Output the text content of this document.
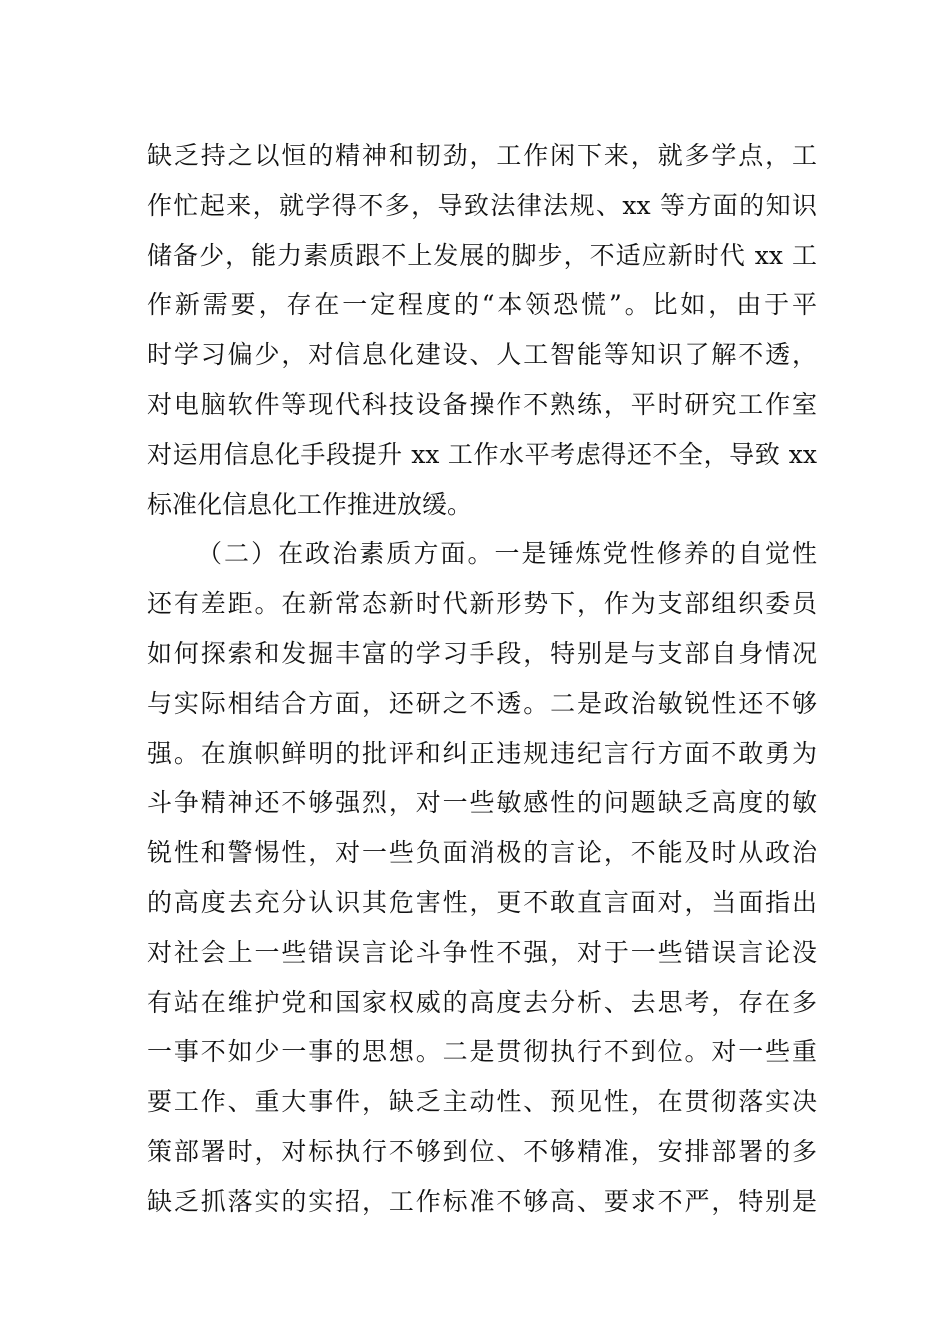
缺乏持之以恒的精神和韧劲，工作闲下来，就多学点，工
作忙起来，就学得不多，导致法律法规、xx 等方面的知识
储备少，能力素质跟不上发展的脚步，不适应新时代 xx 工
作新需要，存在一定程度的“本领恐慌”。比如，由于平
时学习偏少，对信息化建设、人工智能等知识了解不透，
对电脑软件等现代科技设备操作不熟练，平时研究工作室
对运用信息化手段提升 xx 工作水平考虑得还不全，导致 xx
标准化信息化工作推进放缓。
（二）在政治素质方面。一是锤炼党性修养的自觉性
还有差距。在新常态新时代新形势下，作为支部组织委员
如何探索和发掘丰富的学习手段，特别是与支部自身情况
与实际相结合方面，还研之不透。二是政治敏锐性还不够
强。在旗帜鲜明的批评和纠正违规违纪言行方面不敢勇为
斗争精神还不够强烈，对一些敏感性的问题缺乏高度的敏
锐性和警惕性，对一些负面消极的言论，不能及时从政治
的高度去充分认识其危害性，更不敢直言面对，当面指出
对社会上一些错误言论斗争性不强，对于一些错误言论没
有站在维护党和国家权威的高度去分析、去思考，存在多
一事不如少一事的思想。二是贯彻执行不到位。对一些重
要工作、重大事件，缺乏主动性、预见性，在贯彻落实决
策部署时，对标执行不够到位、不够精准，安排部署的多
缺乏抓落实的实招，工作标准不够高、要求不严，特别是
